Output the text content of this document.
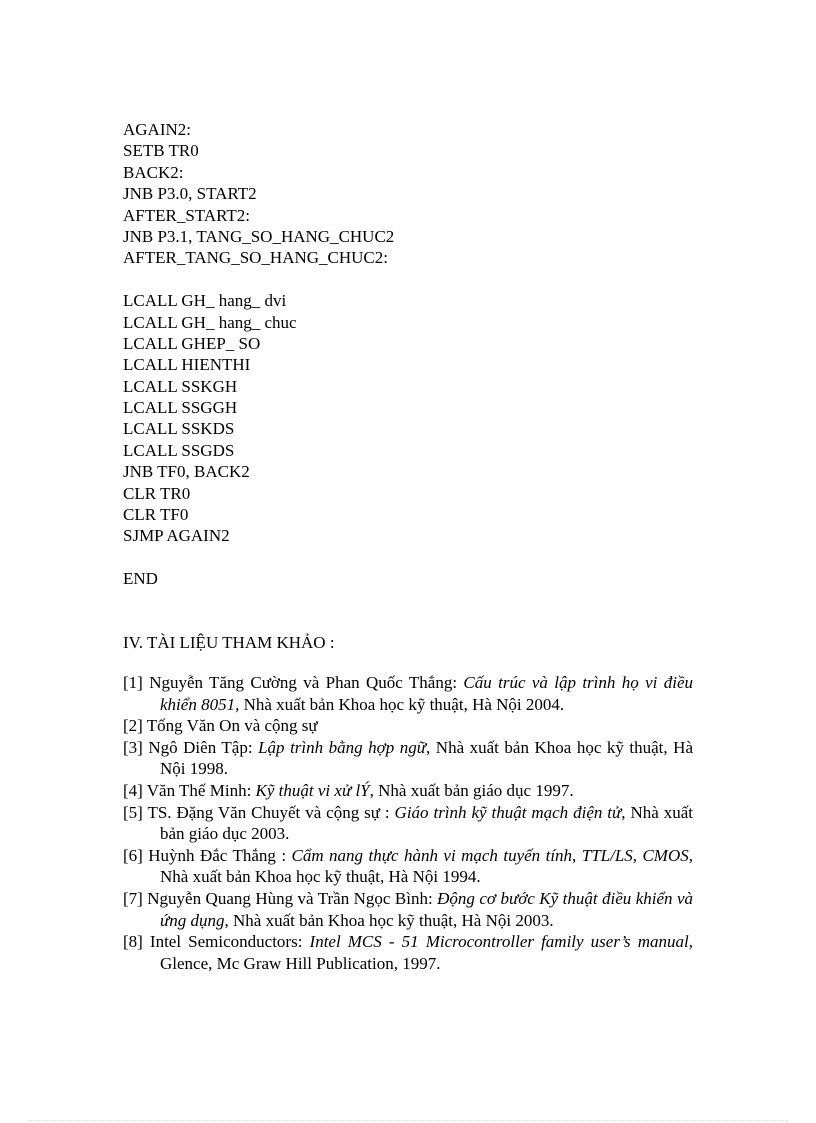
AGAIN2:
SETB TR0
BACK2:
JNB P3.0, START2
AFTER_START2:
JNB P3.1, TANG_SO_HANG_CHUC2
AFTER_TANG_SO_HANG_CHUC2:
LCALL GH_ hang_ dvi
LCALL GH_ hang_ chuc
LCALL GHEP_ SO
LCALL HIENTHI
LCALL SSKGH
LCALL SSGGH
LCALL SSKDS
LCALL SSGDS
JNB TF0, BACK2
CLR TR0
CLR TF0
SJMP AGAIN2
END
IV. TÀI LIỆU THAM KHẢO :
[1] Nguyễn Tăng Cường và Phan Quốc Thắng: Cấu trúc và lập trình họ vi điều khiển 8051, Nhà xuất bản Khoa học kỹ thuật, Hà Nội 2004.
[2] Tống Văn On và cộng sự
[3] Ngô Diên Tập: Lập trình bằng hợp ngữ, Nhà xuất bản Khoa học kỹ thuật, Hà Nội 1998.
[4] Văn Thế Minh: Kỹ thuật vi xử lÝ, Nhà xuất bản giáo dục 1997.
[5] TS. Đặng Văn Chuyết và cộng sự : Giáo trình kỹ thuật mạch điện tử, Nhà xuất bản giáo dục 2003.
[6] Huỳnh Đắc Thắng : Cẩm nang thực hành vi mạch tuyến tính, TTL/LS, CMOS, Nhà xuất bản Khoa học kỹ thuật, Hà Nội 1994.
[7] Nguyễn Quang Hùng và Trần Ngọc Bình: Động cơ bước Kỹ thuật điều khiển và ứng dụng, Nhà xuất bản Khoa học kỹ thuật, Hà Nội 2003.
[8] Intel Semiconductors: Intel MCS - 51 Microcontroller family user’s manual, Glence, Mc Graw Hill Publication, 1997.
